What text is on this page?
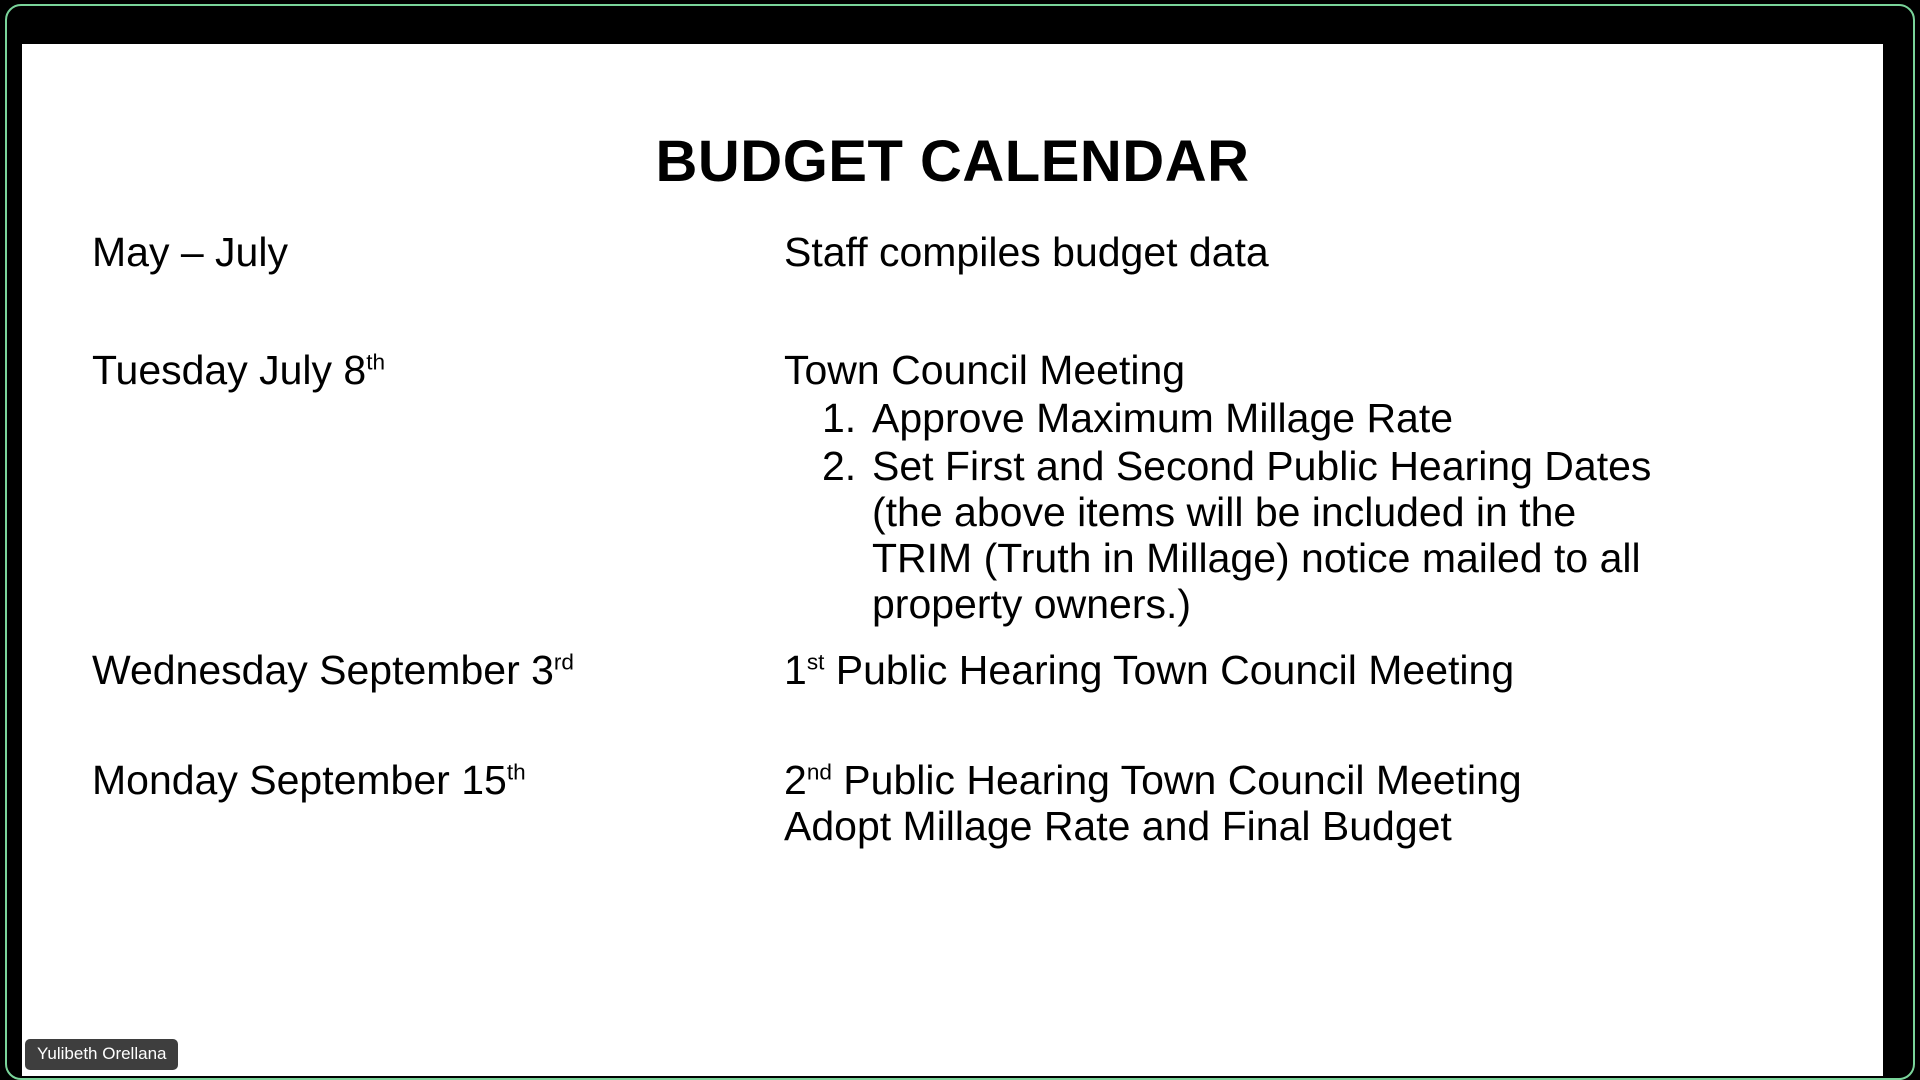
BUDGET CALENDAR
May – July	Staff compiles budget data
Tuesday July 8th	Town Council Meeting
1. Approve Maximum Millage Rate
2. Set First and Second Public Hearing Dates
(the above items will be included in the TRIM (Truth in Millage) notice mailed to all property owners.)
Wednesday September 3rd	1st Public Hearing Town Council Meeting
Monday September 15th	2nd Public Hearing Town Council Meeting
Adopt Millage Rate and Final Budget
Yulibeth Orellana
